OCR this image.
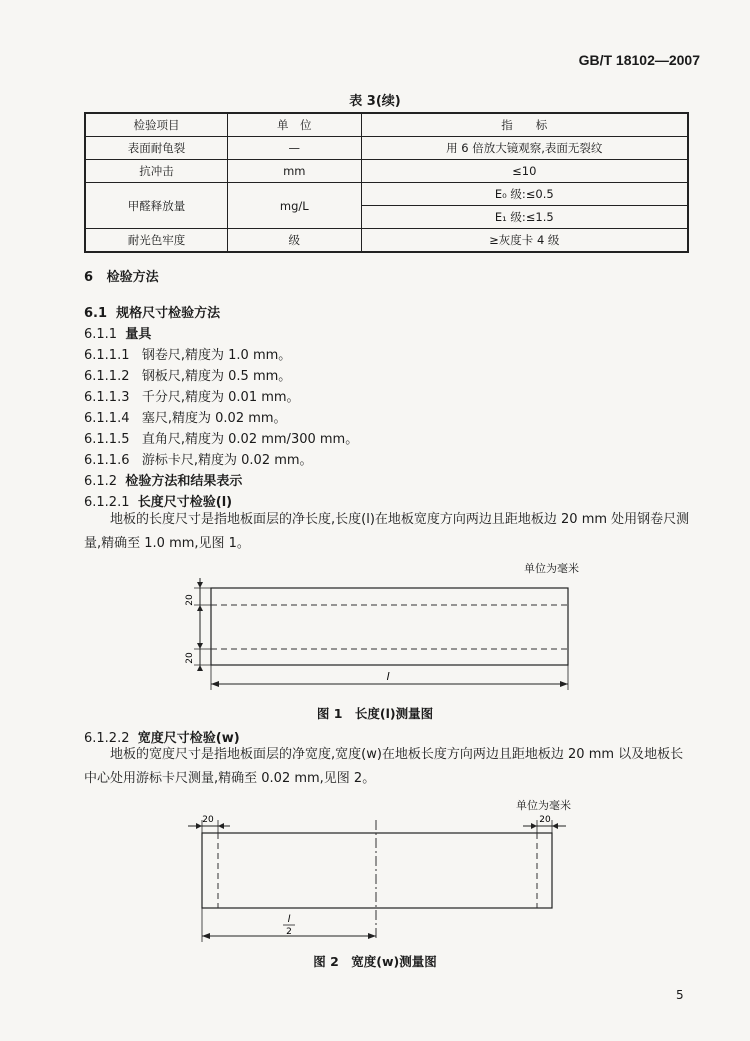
GB/T 18102—2007
表 3(续)
检验项目	单　位	指　　标
表面耐龟裂	—	用 6 倍放大镜观察,表面无裂纹
抗冲击	mm	≤10
甲醛释放量	mg/L	E₀ 级:≤0.5
		E₁ 级:≤1.5
耐光色牢度	级	≥灰度卡 4 级
6 检验方法
6.1 规格尺寸检验方法
6.1.1 量具
6.1.1.1 钢卷尺,精度为 1.0 mm。
6.1.1.2 钢板尺,精度为 0.5 mm。
6.1.1.3 千分尺,精度为 0.01 mm。
6.1.1.4 塞尺,精度为 0.02 mm。
6.1.1.5 直角尺,精度为 0.02 mm/300 mm。
6.1.1.6 游标卡尺,精度为 0.02 mm。
6.1.2 检验方法和结果表示
6.1.2.1 长度尺寸检验(l)
地板的长度尺寸是指地板面层的净长度,长度(l)在地板宽度方向两边且距地板边 20 mm 处用钢卷尺测量,精确至 1.0 mm,见图 1。
单位为毫米
20
20
l
图 1　长度(l)测量图
6.1.2.2 宽度尺寸检验(w)
地板的宽度尺寸是指地板面层的净宽度,宽度(w)在地板长度方向两边且距地板边 20 mm 以及地板长中心处用游标卡尺测量,精确至 0.02 mm,见图 2。
单位为毫米
20	20
l
2
图 2　宽度(w)测量图
5
